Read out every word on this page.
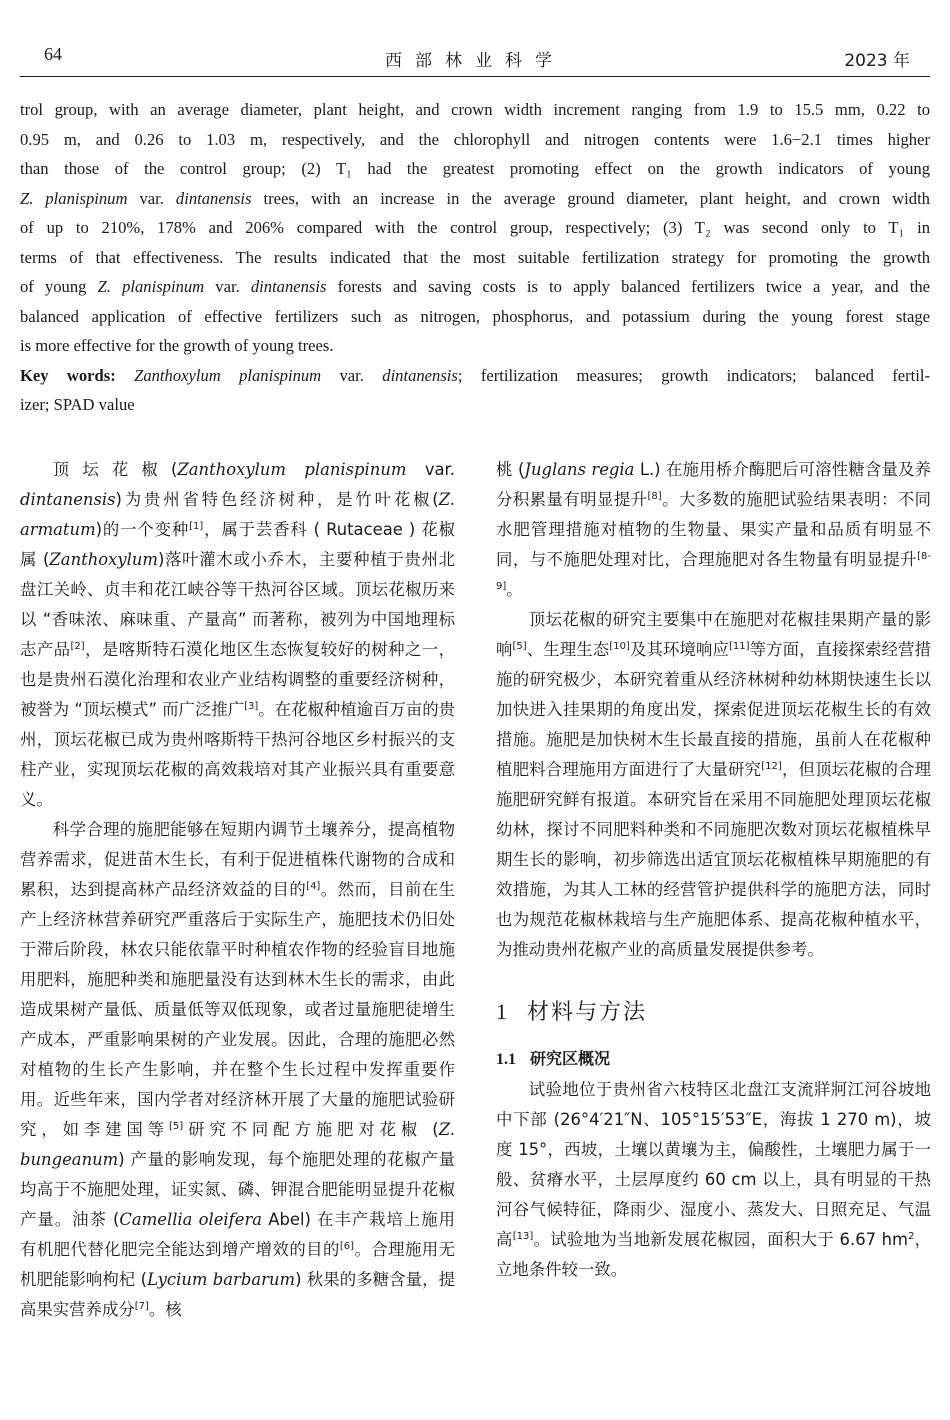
64	西部林业科学	2023 年
trol group, with an average diameter, plant height, and crown width increment ranging from 1.9 to 15.5 mm, 0.22 to
0.95 m, and 0.26 to 1.03 m, respectively, and the chlorophyll and nitrogen contents were 1.6−2.1 times higher
than those of the control group; (2) T₁ had the greatest promoting effect on the growth indicators of young
Z. planispinum var. dintanensis trees, with an increase in the average ground diameter, plant height, and crown width
of up to 210%, 178% and 206% compared with the control group, respectively; (3) T₂ was second only to T₁ in
terms of that effectiveness. The results indicated that the most suitable fertilization strategy for promoting the growth
of young Z. planispinum var. dintanensis forests and saving costs is to apply balanced fertilizers twice a year, and the
balanced application of effective fertilizers such as nitrogen, phosphorus, and potassium during the young forest stage
is more effective for the growth of young trees.
Key words: Zanthoxylum planispinum var. dintanensis; fertilization measures; growth indicators; balanced fertil-
izer; SPAD value

顶坛花椒(Zanthoxylum planispinum var. dintanensis)为贵州省特色经济树种，是竹叶花椒(Z. armatum)的一个变种[1]，属于芸香科 ( Rutaceae ) 花椒属 (Zanthoxylum)落叶灌木或小乔木，主要种植于贵州北盘江关岭、贞丰和花江峡谷等干热河谷区域。顶坛花椒历来以 “香味浓、麻味重、产量高” 而著称，被列为中国地理标志产品[2]，是喀斯特石漠化地区生态恢复较好的树种之一，也是贵州石漠化治理和农业产业结构调整的重要经济树种，被誉为 “顶坛模式” 而广泛推广[3]。在花椒种植逾百万亩的贵州，顶坛花椒已成为贵州喀斯特干热河谷地区乡村振兴的支柱产业，实现顶坛花椒的高效栽培对其产业振兴具有重要意义。

科学合理的施肥能够在短期内调节土壤养分，提高植物营养需求，促进苗木生长，有利于促进植株代谢物的合成和累积，达到提高林产品经济效益的目的[4]。然而，目前在生产上经济林营养研究严重落后于实际生产，施肥技术仍旧处于滞后阶段，林农只能依靠平时种植农作物的经验盲目地施用肥料，施肥种类和施肥量没有达到林木生长的需求，由此造成果树产量低、质量低等双低现象，或者过量施肥徒增生产成本，严重影响果树的产业发展。因此，合理的施肥必然对植物的生长产生影响，并在整个生长过程中发挥重要作用。近些年来，国内学者对经济林开展了大量的施肥试验研究，如李建国等[5]研究不同配方施肥对花椒 (Z. bungeanum) 产量的影响发现，每个施肥处理的花椒产量均高于不施肥处理，证实氮、磷、钾混合肥能明显提升花椒产量。油茶 (Camellia oleifera Abel) 在丰产栽培上施用有机肥代替化肥完全能达到增产增效的目的[6]。合理施用无机肥能影响枸杞 (Lycium barbarum) 秋果的多糖含量，提高果实营养成分[7]。核

桃 (Juglans regia L.) 在施用桥介酶肥后可溶性糖含量及养分积累量有明显提升[8]。大多数的施肥试验结果表明：不同水肥管理措施对植物的生物量、果实产量和品质有明显不同，与不施肥处理对比，合理施肥对各生物量有明显提升[8-9]。

顶坛花椒的研究主要集中在施肥对花椒挂果期产量的影响[5]、生理生态[10]及其环境响应[11]等方面，直接探索经营措施的研究极少，本研究着重从经济林树种幼林期快速生长以加快进入挂果期的角度出发，探索促进顶坛花椒生长的有效措施。施肥是加快树木生长最直接的措施，虽前人在花椒种植肥料合理施用方面进行了大量研究[12]，但顶坛花椒的合理施肥研究鲜有报道。本研究旨在采用不同施肥处理顶坛花椒幼林，探讨不同肥料种类和不同施肥次数对顶坛花椒植株早期生长的影响，初步筛选出适宜顶坛花椒植株早期施肥的有效措施，为其人工林的经营管护提供科学的施肥方法，同时也为规范花椒林栽培与生产施肥体系、提高花椒种植水平，为推动贵州花椒产业的高质量发展提供参考。

1 材料与方法
1.1 研究区概况

试验地位于贵州省六枝特区北盘江支流牂牁江河谷坡地中下部 (26°4′21″N、105°15′53″E，海拔 1 270 m)，坡度 15°，西坡，土壤以黄壤为主，偏酸性，土壤肥力属于一般、贫瘠水平，土层厚度约 60 cm 以上，具有明显的干热河谷气候特征，降雨少、湿度小、蒸发大、日照充足、气温高[13]。试验地为当地新发展花椒园，面积大于 6.67 $hm^2$，立地条件较一致。
